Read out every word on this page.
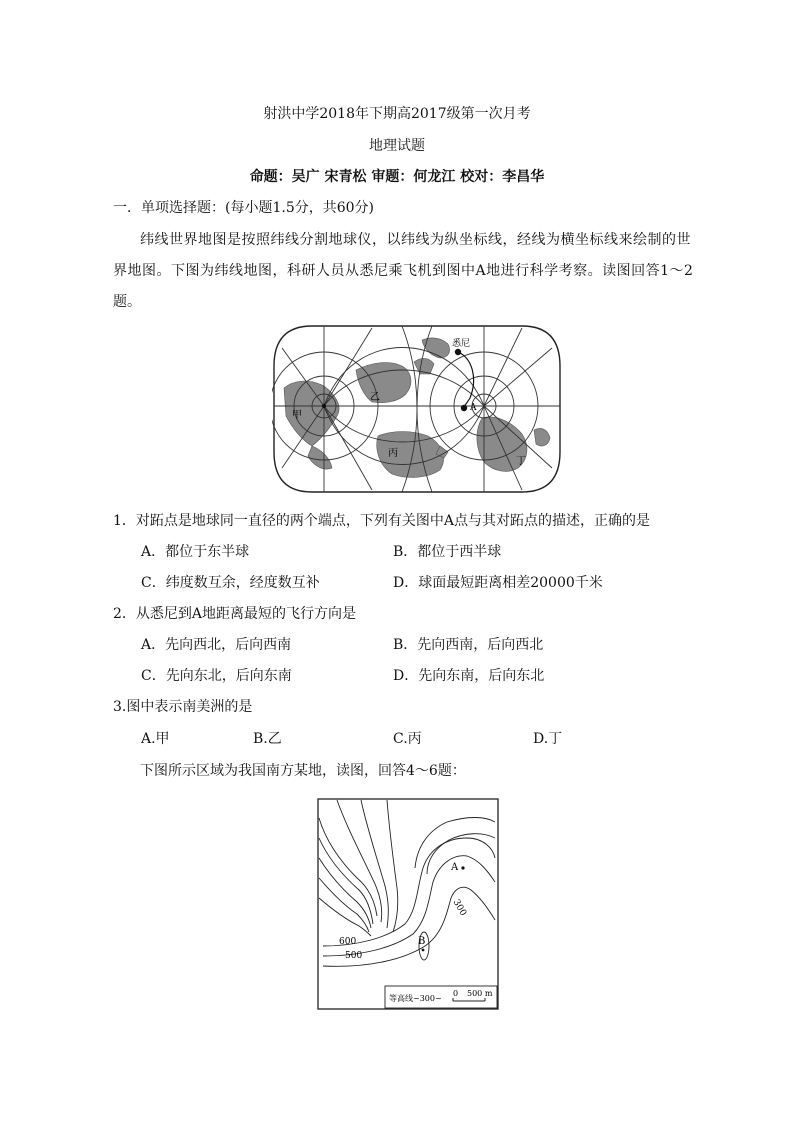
射洪中学2018年下期高2017级第一次月考
地理试题
命题：吴广 宋青松 审题：何龙江 校对：李昌华
一．单项选择题：(每小题1.5分，共60分)
纬线世界地图是按照纬线分割地球仪，以纬线为纵坐标线，经线为横坐标线来绘制的世
界地图。下图为纬线地图，科研人员从悉尼乘飞机到图中A地进行科学考察。读图回答1～2
题。
悉尼
A
甲
乙
丙
丁
1．对跖点是地球同一直径的两个端点，下列有关图中A点与其对跖点的描述，正确的是
A．都位于东半球	B．都位于西半球
C．纬度数互余，经度数互补	D．球面最短距离相差20000千米
2．从悉尼到A地距离最短的飞行方向是
A．先向西北，后向西南	B．先向西南，后向西北
C．先向东北，后向东南	D．先向东南，后向东北
3.图中表示南美洲的是
A.甲	B.乙	C.丙	D.丁
下图所示区域为我国南方某地，读图，回答4～6题：
A
B
300
600
500
等高线~300~
0 500 m
